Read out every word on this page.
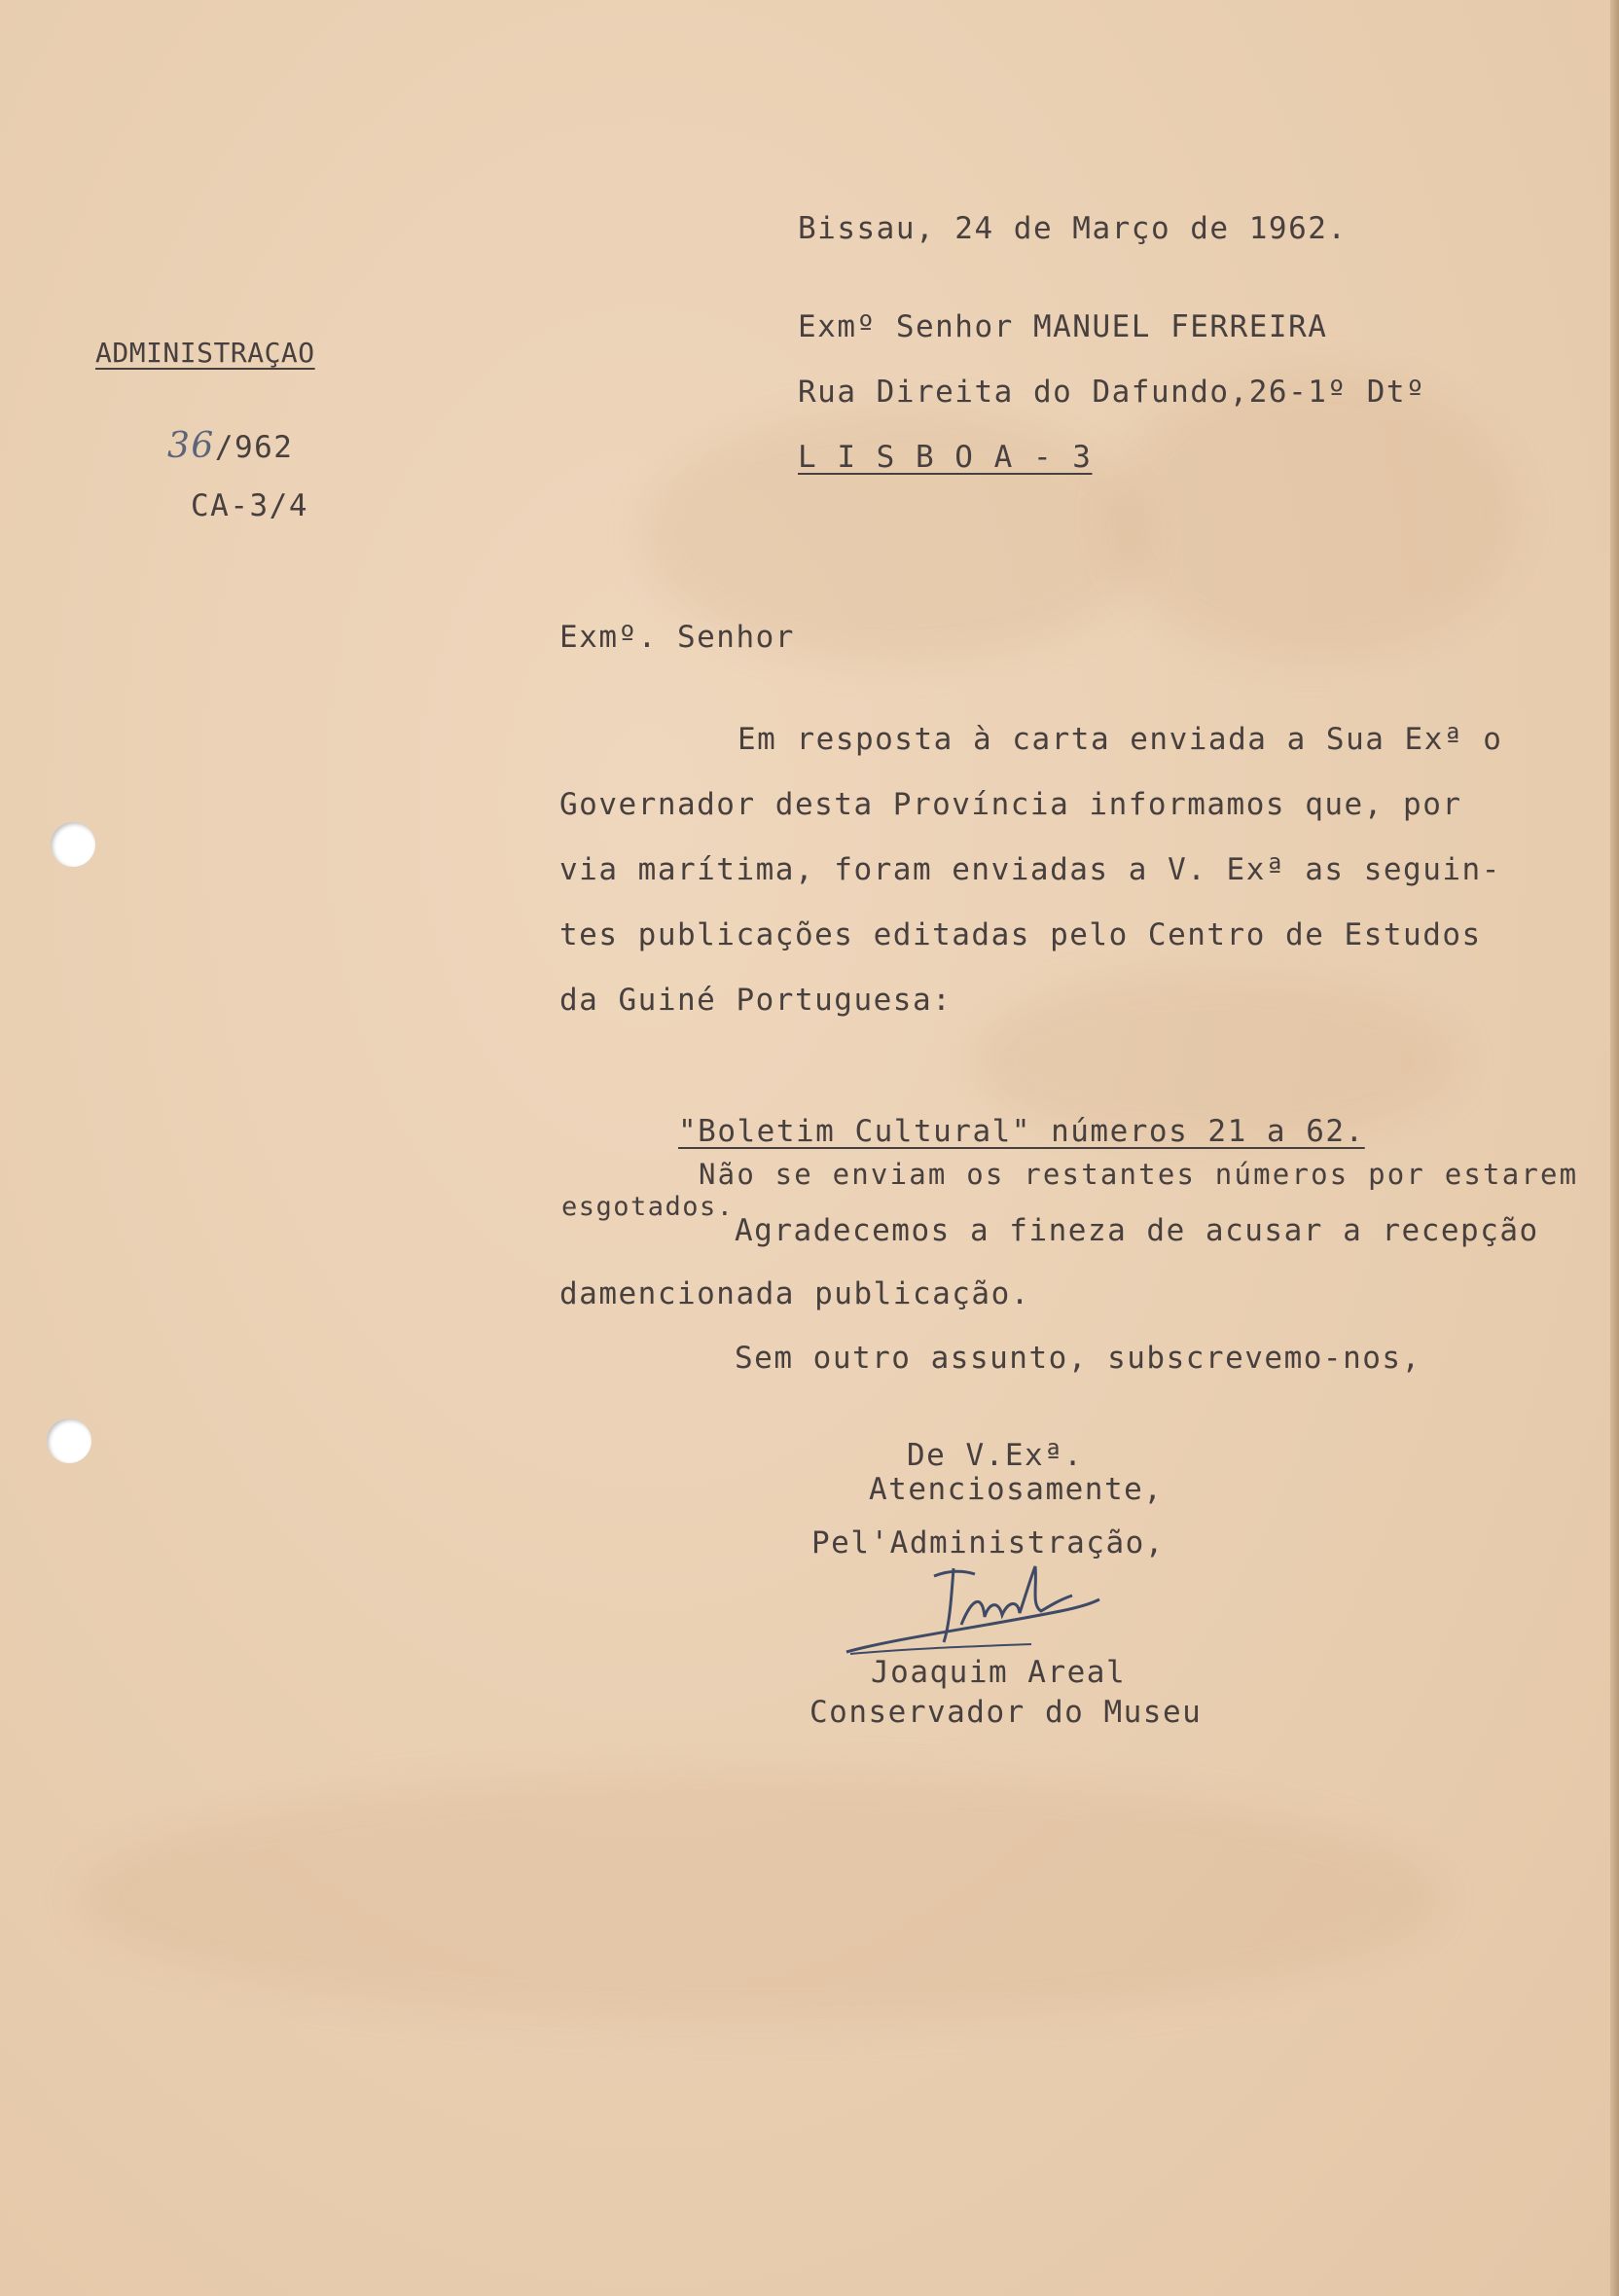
Bissau, 24 de Março de 1962.
ADMINISTRAÇAO
36/962
CA-3/4
Exmº Senhor MANUEL FERREIRA
Rua Direita do Dafundo,26-1º Dtº
L I S B O A - 3
Exmº. Senhor
Em resposta à carta enviada a Sua Exª o
Governador desta Província informamos que, por
via marítima, foram enviadas a V. Exª as seguin-
tes publicações editadas pelo Centro de Estudos
da Guiné Portuguesa:
"Boletim Cultural" números 21 a 62.
Não se enviam os restantes números por estarem
esgotados.
Agradecemos a fineza de acusar a recepção
damencionada publicação.
Sem outro assunto, subscrevemo-nos,
De V.Exª.
Atenciosamente,
Pel'Administração,
Joaquim Areal
Conservador do Museu
